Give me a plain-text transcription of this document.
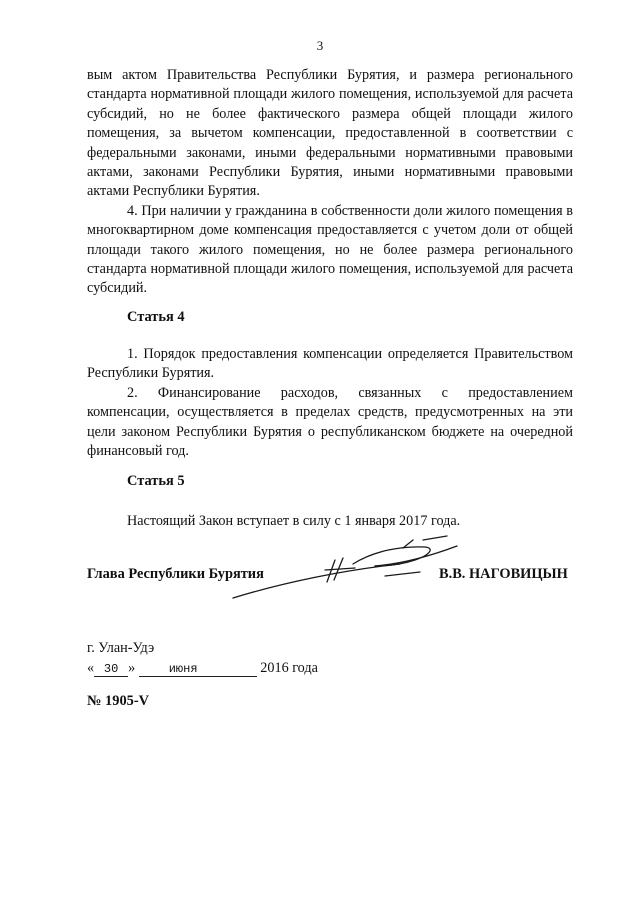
3

вым актом Правительства Республики Бурятия, и размера регионального стандарта нормативной площади жилого помещения, используемой для расчета субсидий, но не более фактического размера общей площади жилого помещения, за вычетом компенсации, предоставленной в соответствии с федеральными законами, иными федеральными нормативными правовыми актами, законами Республики Бурятия, иными нормативными правовыми актами Республики Бурятия.

4. При наличии у гражданина в собственности доли жилого помещения в многоквартирном доме компенсация предоставляется с учетом доли от общей площади такого жилого помещения, но не более размера регионального стандарта нормативной площади жилого помещения, используемой для расчета субсидий.

Статья 4

1. Порядок предоставления компенсации определяется Правительством Республики Бурятия.

2. Финансирование расходов, связанных с предоставлением компенсации, осуществляется в пределах средств, предусмотренных на эти цели законом Республики Бурятия о республиканском бюджете на очередной финансовый год.

Статья 5

Настоящий Закон вступает в силу с 1 января 2017 года.

Глава Республики Бурятия	В.В. НАГОВИЦЫН
г. Улан-Удэ
« 30 »	июня	2016 года
№ 1905-V
